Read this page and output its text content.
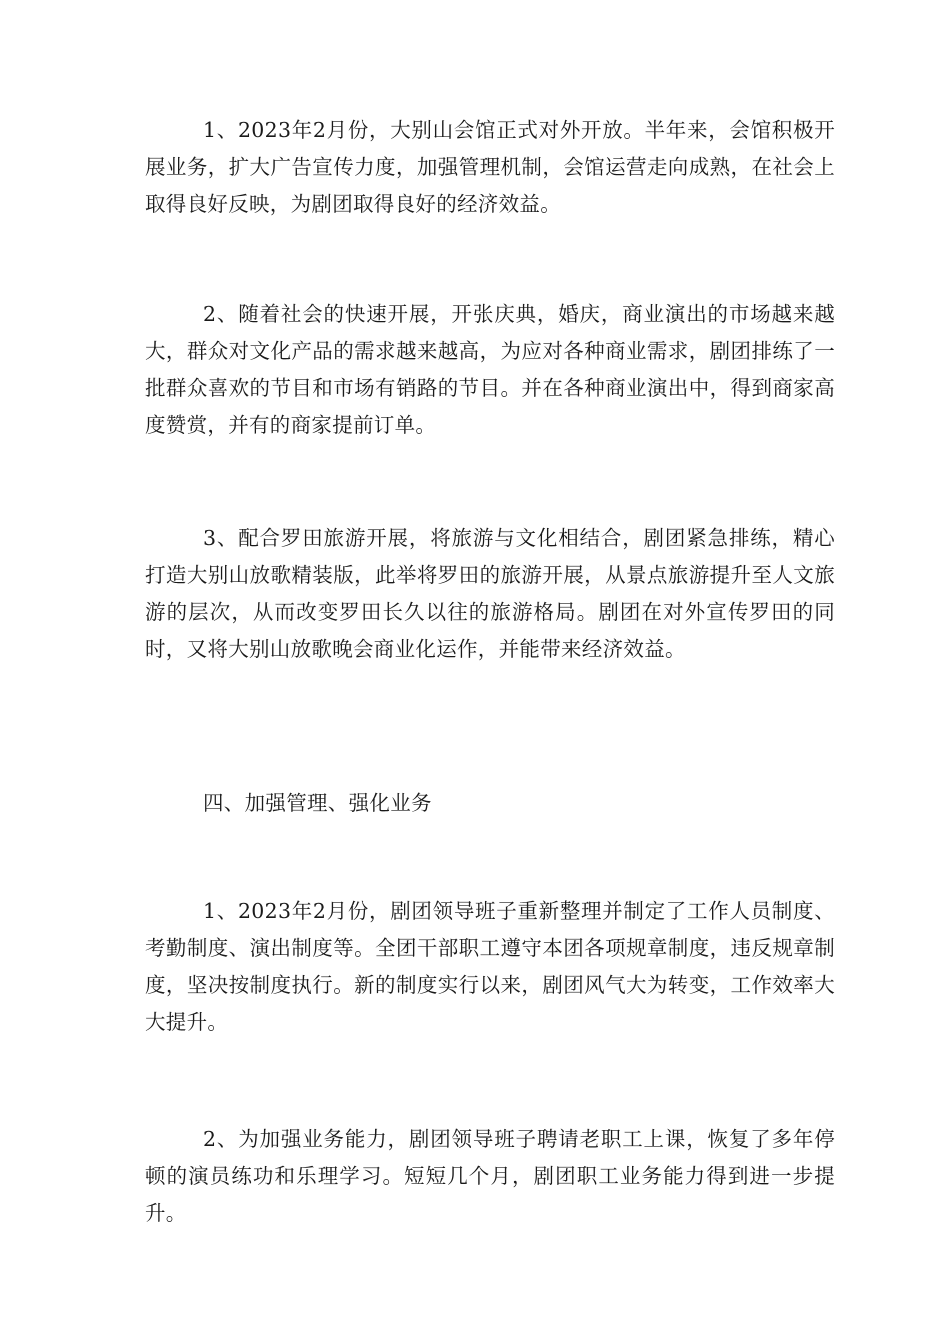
1、2023年2月份，大别山会馆正式对外开放。半年来，会馆积极开展业务，扩大广告宣传力度，加强管理机制，会馆运营走向成熟，在社会上取得良好反映，为剧团取得良好的经济效益。

2、随着社会的快速开展，开张庆典，婚庆，商业演出的市场越来越大，群众对文化产品的需求越来越高，为应对各种商业需求，剧团排练了一批群众喜欢的节目和市场有销路的节目。并在各种商业演出中，得到商家高度赞赏，并有的商家提前订单。

3、配合罗田旅游开展，将旅游与文化相结合，剧团紧急排练，精心打造大别山放歌精装版，此举将罗田的旅游开展，从景点旅游提升至人文旅游的层次，从而改变罗田长久以往的旅游格局。剧团在对外宣传罗田的同时，又将大别山放歌晚会商业化运作，并能带来经济效益。

四、加强管理、强化业务

1、2023年2月份，剧团领导班子重新整理并制定了工作人员制度、考勤制度、演出制度等。全团干部职工遵守本团各项规章制度，违反规章制度，坚决按制度执行。新的制度实行以来，剧团风气大为转变，工作效率大大提升。

2、为加强业务能力，剧团领导班子聘请老职工上课，恢复了多年停顿的演员练功和乐理学习。短短几个月，剧团职工业务能力得到进一步提升。
